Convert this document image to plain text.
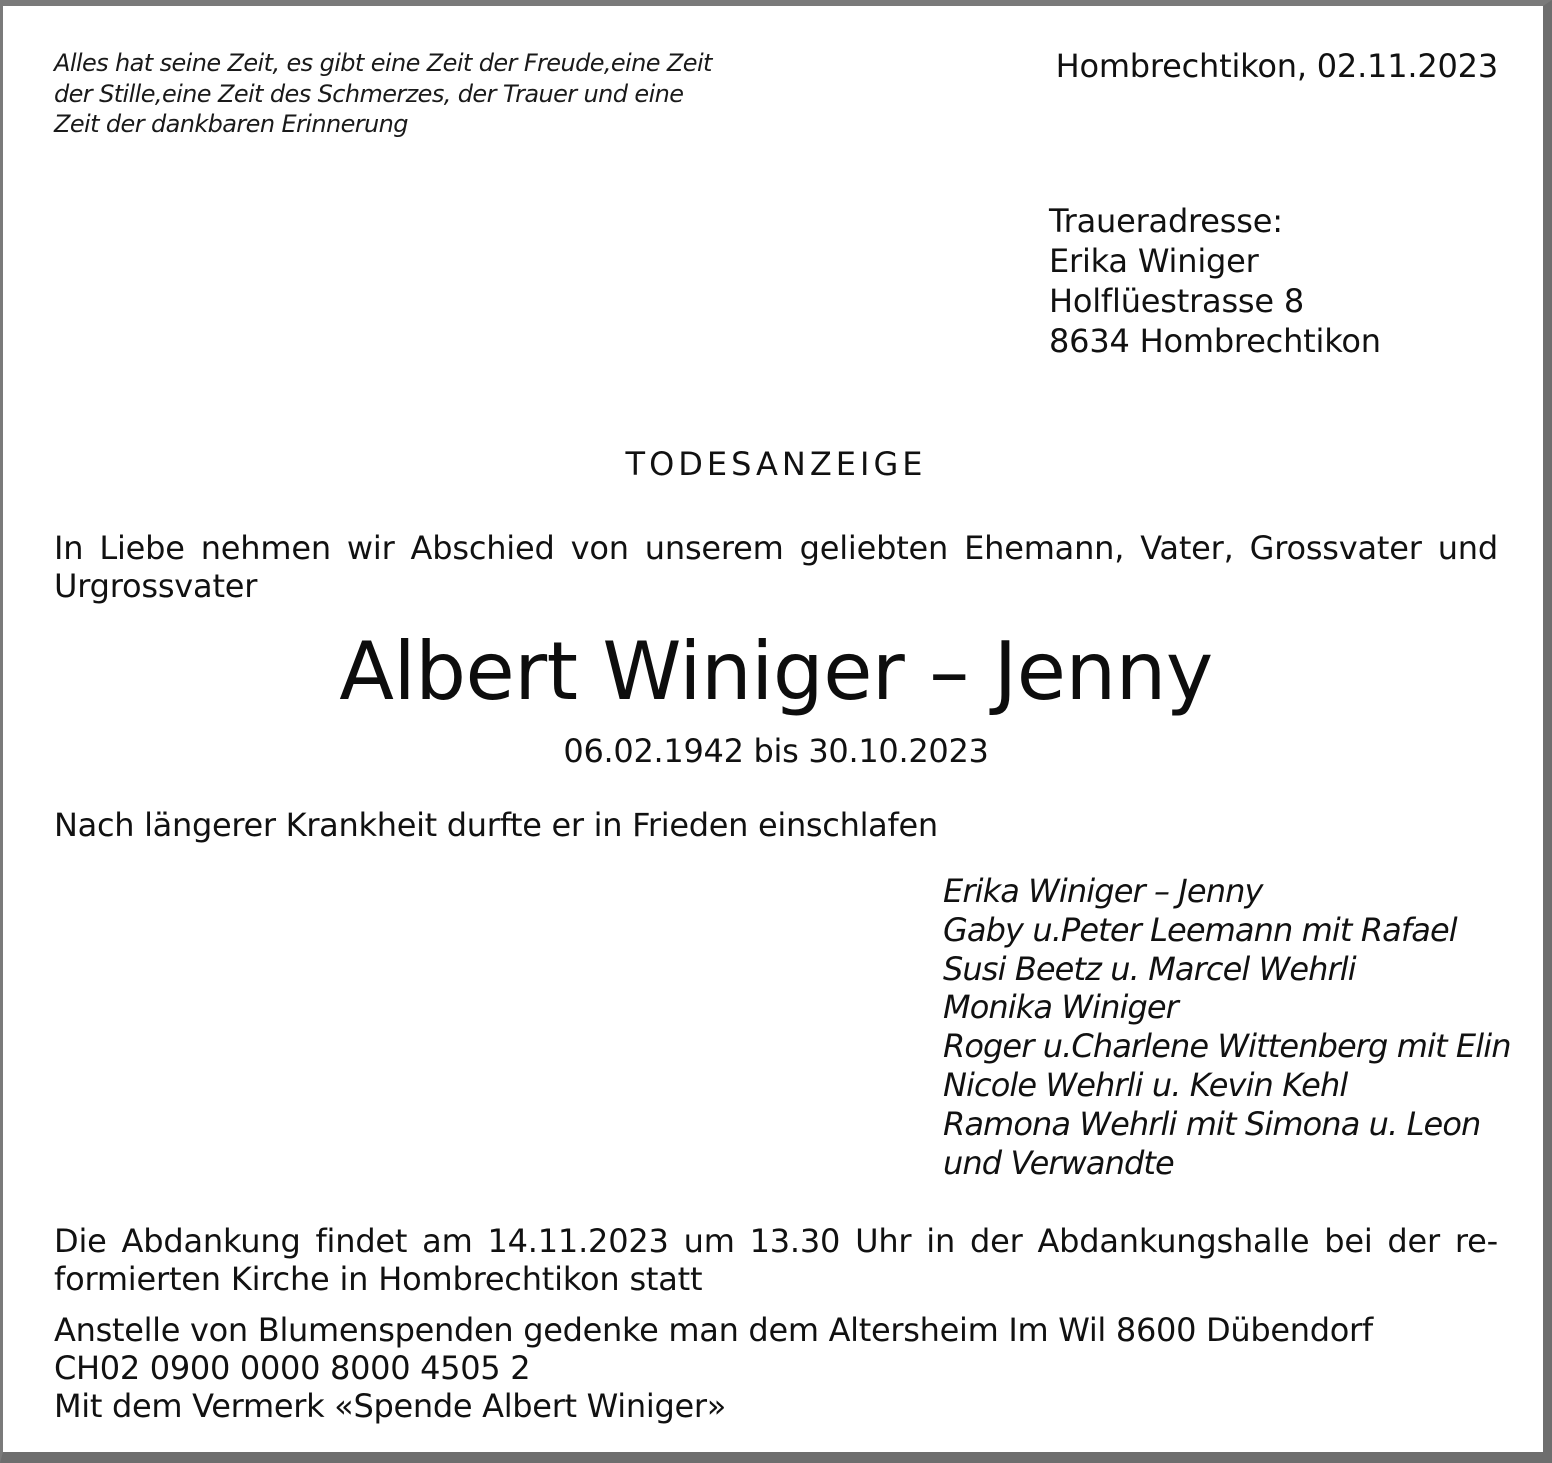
Alles hat seine Zeit, es gibt eine Zeit der Freude,eine Zeit
der Stille,eine Zeit des Schmerzes, der Trauer und eine
Zeit der dankbaren Erinnerung
Hombrechtikon, 02.11.2023
Traueradresse:
Erika Winiger
Holflüestrasse 8
8634 Hombrechtikon
TODESANZEIGE
In Liebe nehmen wir Abschied von unserem geliebten Ehemann, Vater, Grossvater und
Urgrossvater
Albert Winiger – Jenny
06.02.1942 bis 30.10.2023
Nach längerer Krankheit durfte er in Frieden einschlafen
Erika Winiger – Jenny
Gaby u.Peter Leemann mit Rafael
Susi Beetz u. Marcel Wehrli
Monika Winiger
Roger u.Charlene Wittenberg mit Elin
Nicole Wehrli u. Kevin Kehl
Ramona Wehrli mit Simona u. Leon
und Verwandte
Die Abdankung findet am 14.11.2023 um 13.30 Uhr in der Abdankungshalle bei der re-
formierten Kirche in Hombrechtikon statt
Anstelle von Blumenspenden gedenke man dem Altersheim Im Wil 8600 Dübendorf
CH02 0900 0000 8000 4505 2
Mit dem Vermerk «Spende Albert Winiger»
